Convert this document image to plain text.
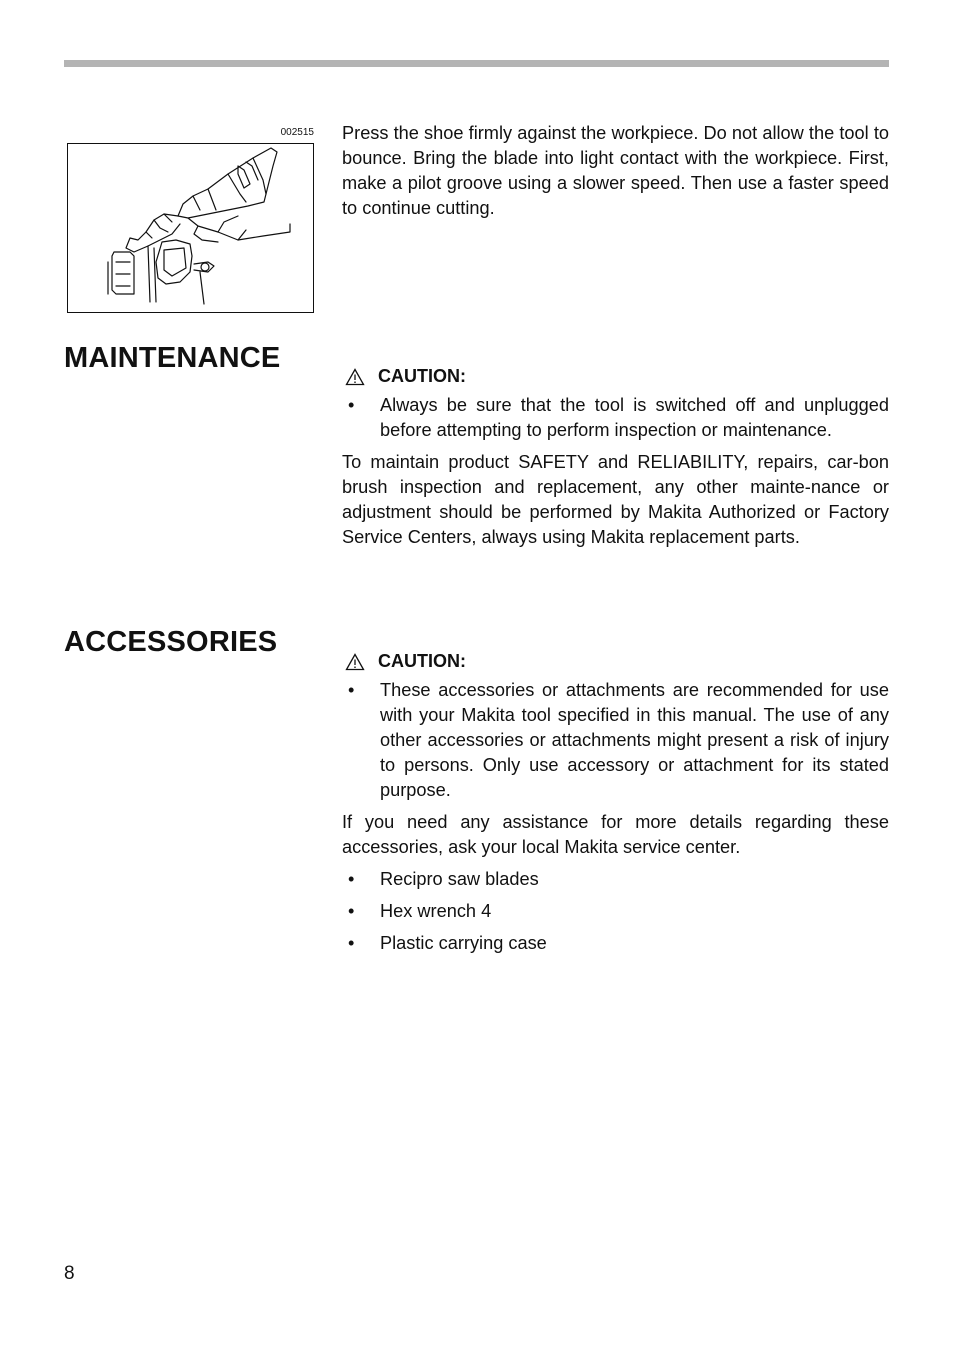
002515 Press the shoe firmly against the workpiece. Do not allow the tool to bounce. Bring the blade into light contact with the workpiece. First, make a pilot groove using a slower speed. Then use a faster speed to continue cutting.

MAINTENANCE
CAUTION:
• Always be sure that the tool is switched off and unplugged before attempting to perform inspection or maintenance.

To maintain product SAFETY and RELIABILITY, repairs, car-bon brush inspection and replacement, any other mainte-nance or adjustment should be performed by Makita Authorized or Factory Service Centers, always using Makita replacement parts.

ACCESSORIES
CAUTION:
• These accessories or attachments are recommended for use with your Makita tool specified in this manual. The use of any other accessories or attachments might present a risk of injury to persons. Only use accessory or attachment for its stated purpose.

If you need any assistance for more details regarding these accessories, ask your local Makita service center.

• Recipro saw blades
• Hex wrench 4
• Plastic carrying case
8
